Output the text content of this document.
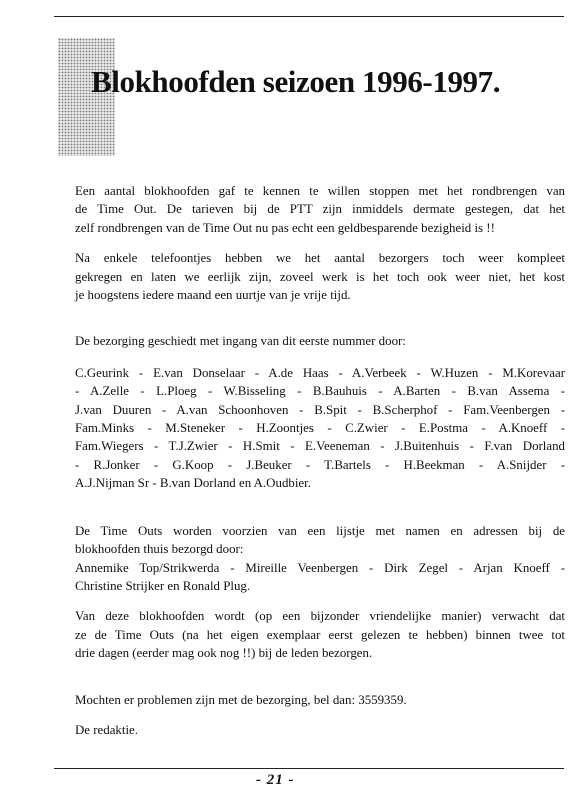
Blokhoofden seizoen 1996-1997.

Een aantal blokhoofden gaf te kennen te willen stoppen met het rondbrengen van
de Time Out. De tarieven bij de PTT zijn inmiddels dermate gestegen, dat het
zelf rondbrengen van de Time Out nu pas echt een geldbesparende bezigheid is !!

Na enkele telefoontjes hebben we het aantal bezorgers toch weer kompleet
gekregen en laten we eerlijk zijn, zoveel werk is het toch ook weer niet, het kost
je hoogstens iedere maand een uurtje van je vrije tijd.

De bezorging geschiedt met ingang van dit eerste nummer door:

C.Geurink - E.van Donselaar - A.de Haas - A.Verbeek - W.Huzen - M.Korevaar
- A.Zelle - L.Ploeg - W.Bisseling - B.Bauhuis - A.Barten - B.van Assema -
J.van Duuren - A.van Schoonhoven - B.Spit - B.Scherphof - Fam.Veenbergen -
Fam.Minks - M.Steneker - H.Zoontjes - C.Zwier - E.Postma - A.Knoeff -
Fam.Wiegers - T.J.Zwier - H.Smit - E.Veeneman - J.Buitenhuis - F.van Dorland
- R.Jonker - G.Koop - J.Beuker - T.Bartels - H.Beekman - A.Snijder -
A.J.Nijman Sr - B.van Dorland en A.Oudbier.

De Time Outs worden voorzien van een lijstje met namen en adressen bij de
blokhoofden thuis bezorgd door:
Annemike Top/Strikwerda - Mireille Veenbergen - Dirk Zegel - Arjan Knoeff -
Christine Strijker en Ronald Plug.

Van deze blokhoofden wordt (op een bijzonder vriendelijke manier) verwacht dat
ze de Time Outs (na het eigen exemplaar eerst gelezen te hebben) binnen twee tot
drie dagen (eerder mag ook nog !!) bij de leden bezorgen.

Mochten er problemen zijn met de bezorging, bel dan: 3559359.

De redaktie.

- 21 -
